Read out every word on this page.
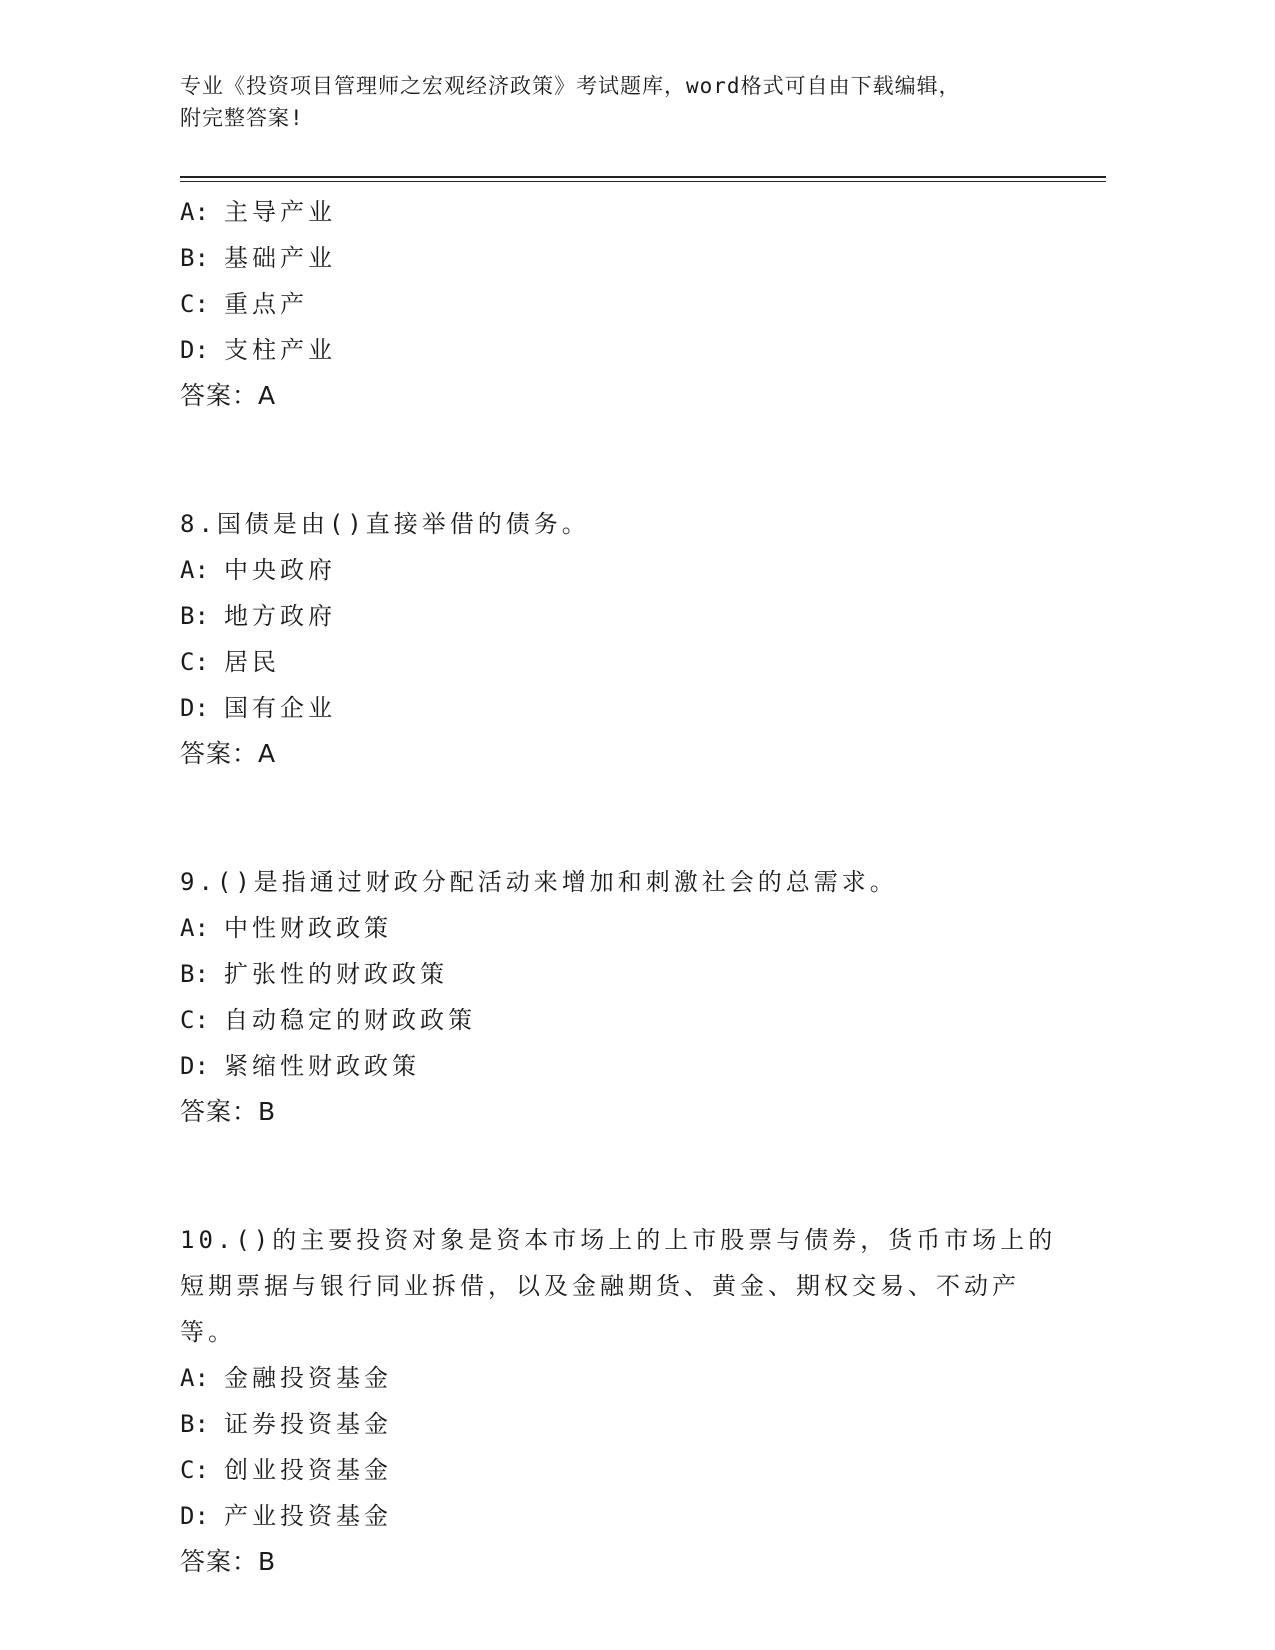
专业《投资项目管理师之宏观经济政策》考试题库，word格式可自由下载编辑，
附完整答案!
A: 主导产业
B: 基础产业
C: 重点产
D: 支柱产业
答案：A
8.国债是由()直接举借的债务。
A: 中央政府
B: 地方政府
C: 居民
D: 国有企业
答案：A
9.()是指通过财政分配活动来增加和刺激社会的总需求。
A: 中性财政政策
B: 扩张性的财政政策
C: 自动稳定的财政政策
D: 紧缩性财政政策
答案：B
10.()的主要投资对象是资本市场上的上市股票与债券，货币市场上的
短期票据与银行同业拆借，以及金融期货、黄金、期权交易、不动产
等。
A: 金融投资基金
B: 证券投资基金
C: 创业投资基金
D: 产业投资基金
答案：B
